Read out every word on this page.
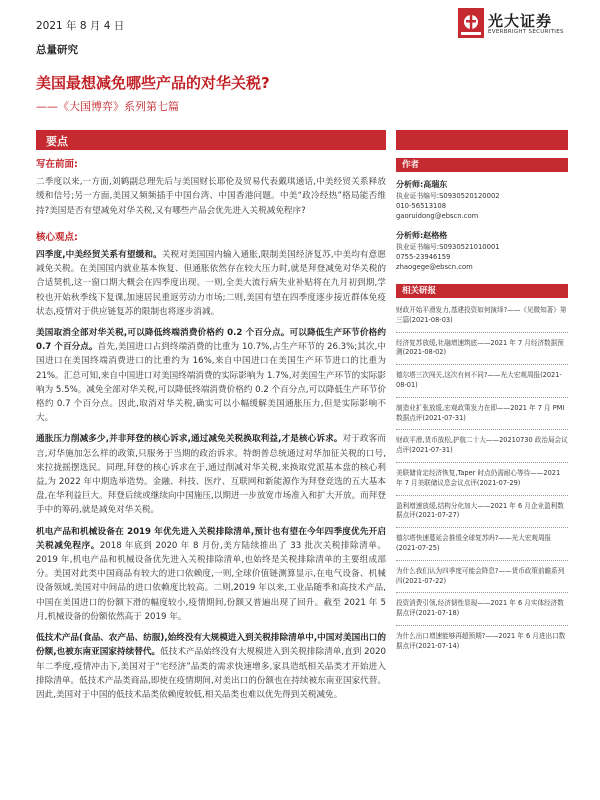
2021 年 8 月 4 日	光大证券
EVERBRIGHT SECURITIES
总量研究
美国最想减免哪些产品的对华关税?
——《大国博弈》系列第七篇
要点
写在前面:

二季度以来,一方面,刘鹤副总理先后与美国财长耶伦及贸易代表戴琪通话,中美经贸关系释放缓和信号;另一方面,美国又频频插手中国台湾、中国香港问题。中美“政冷经热”格局能否维持?美国是否有望减免对华关税,又有哪些产品会优先进入关税减免程序?

核心观点:

四季度,中美经贸关系有望缓和。关税对美国国内输入通胀,限制美国经济复苏,中美均有意愿减免关税。在美国国内就业基本恢复、但通胀依然存在较大压力时,就是拜登减免对华关税的合适契机,这一窗口期大概会在四季度出现。一则,全美大流行病失业补贴将在九月初到期,学校也开始秋季线下复课,加速居民重返劳动力市场;二则,美国有望在四季度逐步接近群体免疫状态,疫情对于供应链复苏的限制也将逐步消减。

美国取消全部对华关税,可以降低终端消费价格约 0.2 个百分点。可以降低生产环节价格约 0.7 个百分点。首先,美国进口占到终端消费的比重为 10.7%,占生产环节的 26.3%;其次,中国进口在美国终端消费进口的比重约为 16%,来自中国进口在美国生产环节进口的比重为 21%。汇总可知,来自中国进口对美国终端消费的实际影响为 1.7%,对美国生产环节的实际影响为 5.5%。减免全部对华关税,可以降低终端消费价格约 0.2 个百分点,可以降低生产环节价格约 0.7 个百分点。因此,取消对华关税,确实可以小幅缓解美国通胀压力,但是实际影响不大。

通胀压力削减多少,并非拜登的核心诉求,通过减免关税换取利益,才是核心诉求。对于政客而言,对华施加怎么样的政策,只服务于当期的政治诉求。特朗普总统通过对华加征关税的口号,来拉拢摇摆选民。同理,拜登的核心诉求在于,通过削减对华关税,来换取党派基本盘的核心利益,为 2022 年中期选举造势。金融、科技、医疗、互联网和新能源作为拜登竞选的五大基本盘,在华利益巨大。拜登后续或继续向中国施压,以期进一步放宽市场准入和扩大开放。而拜登手中的筹码,就是减免对华关税。

机电产品和机械设备在 2019 年优先进入关税排除清单,预计也有望在今年四季度优先开启关税减免程序。2018 年底到 2020 年 8 月份,美方陆续推出了 33 批次关税排除清单。2019 年,机电产品和机械设备优先进入关税排除清单,也始终是关税排除清单的主要组成部分。美国对此类中国商品有较大的进口依赖度,一则,全球价值链测算显示,在电气设备、机械设备领域,美国对中间品的进口依赖度比较高。二则,2019 年以来,工业品随季和高技术产品,中国在美国进口的份额下滑的幅度较小,疫情期间,份额又普遍出现了回升。截至 2021 年 5 月,机械设备的份额依然高于 2019 年。

低技术产品(食品、农产品、纺服),始终没有大规模进入到关税排除清单中,中国对美国出口的份额,也被东南亚国家持续替代。低技术产品始终没有大规模进入到关税排除清单,直到 2020 年二季度,疫情冲击下,美国对于“宅经济”品类的需求快速增多,家具造纸相关品类才开始进入排除清单。低技术产品类商品,即使在疫情期间,对美出口的份额也在持续被东南亚国家代替。因此,美国对于中国的低技术品类依赖度较低,相关品类也难以优先得到关税减免。

作者
分析师:高瑞东
执业证书编号:S0930520120002
010-56513108
gaoruidong@ebscn.com
分析师:赵格格
执业证书编号:S0930521010001
0755-23946159
zhaogege@ebscn.com
相关研报
财政开始平滑发力,基建投资如何演绎?——《见微知著》第三篇(2021-08-03)
经济复苏放缓,社融增速筑底——2021 年 7 月经济数据预测(2021-08-02)
德尔塔三次闯关,这次有何不同?——光大宏观周报(2021-08-01)
制造业扩张放缓,宏观政策发力在即——2021 年 7 月 PMI 数据点评(2021-07-31)
财政平滑,货币放松,护航二十大——20210730 政治局会议点评(2021-07-31)
美联储肯定经济恢复,Taper 时点仍需耐心等待——2021 年 7 月美联储议息会议点评(2021-07-29)
盈利增速放缓,结构分化加大——2021 年 6 月企业盈利数据点评(2021-07-27)
德尔塔快速蔓延会推缓全球复苏吗?——光大宏观周报(2021-07-25)
为什么我们认为四季度可能会降息?——货币政策前瞻系列四(2021-07-22)
投资消费引领,经济韧性显现——2021 年 6 月实体经济数据点评(2021-07-18)
为什么出口增速能够再超预期?——2021 年 6 月进出口数据点评(2021-07-14)
